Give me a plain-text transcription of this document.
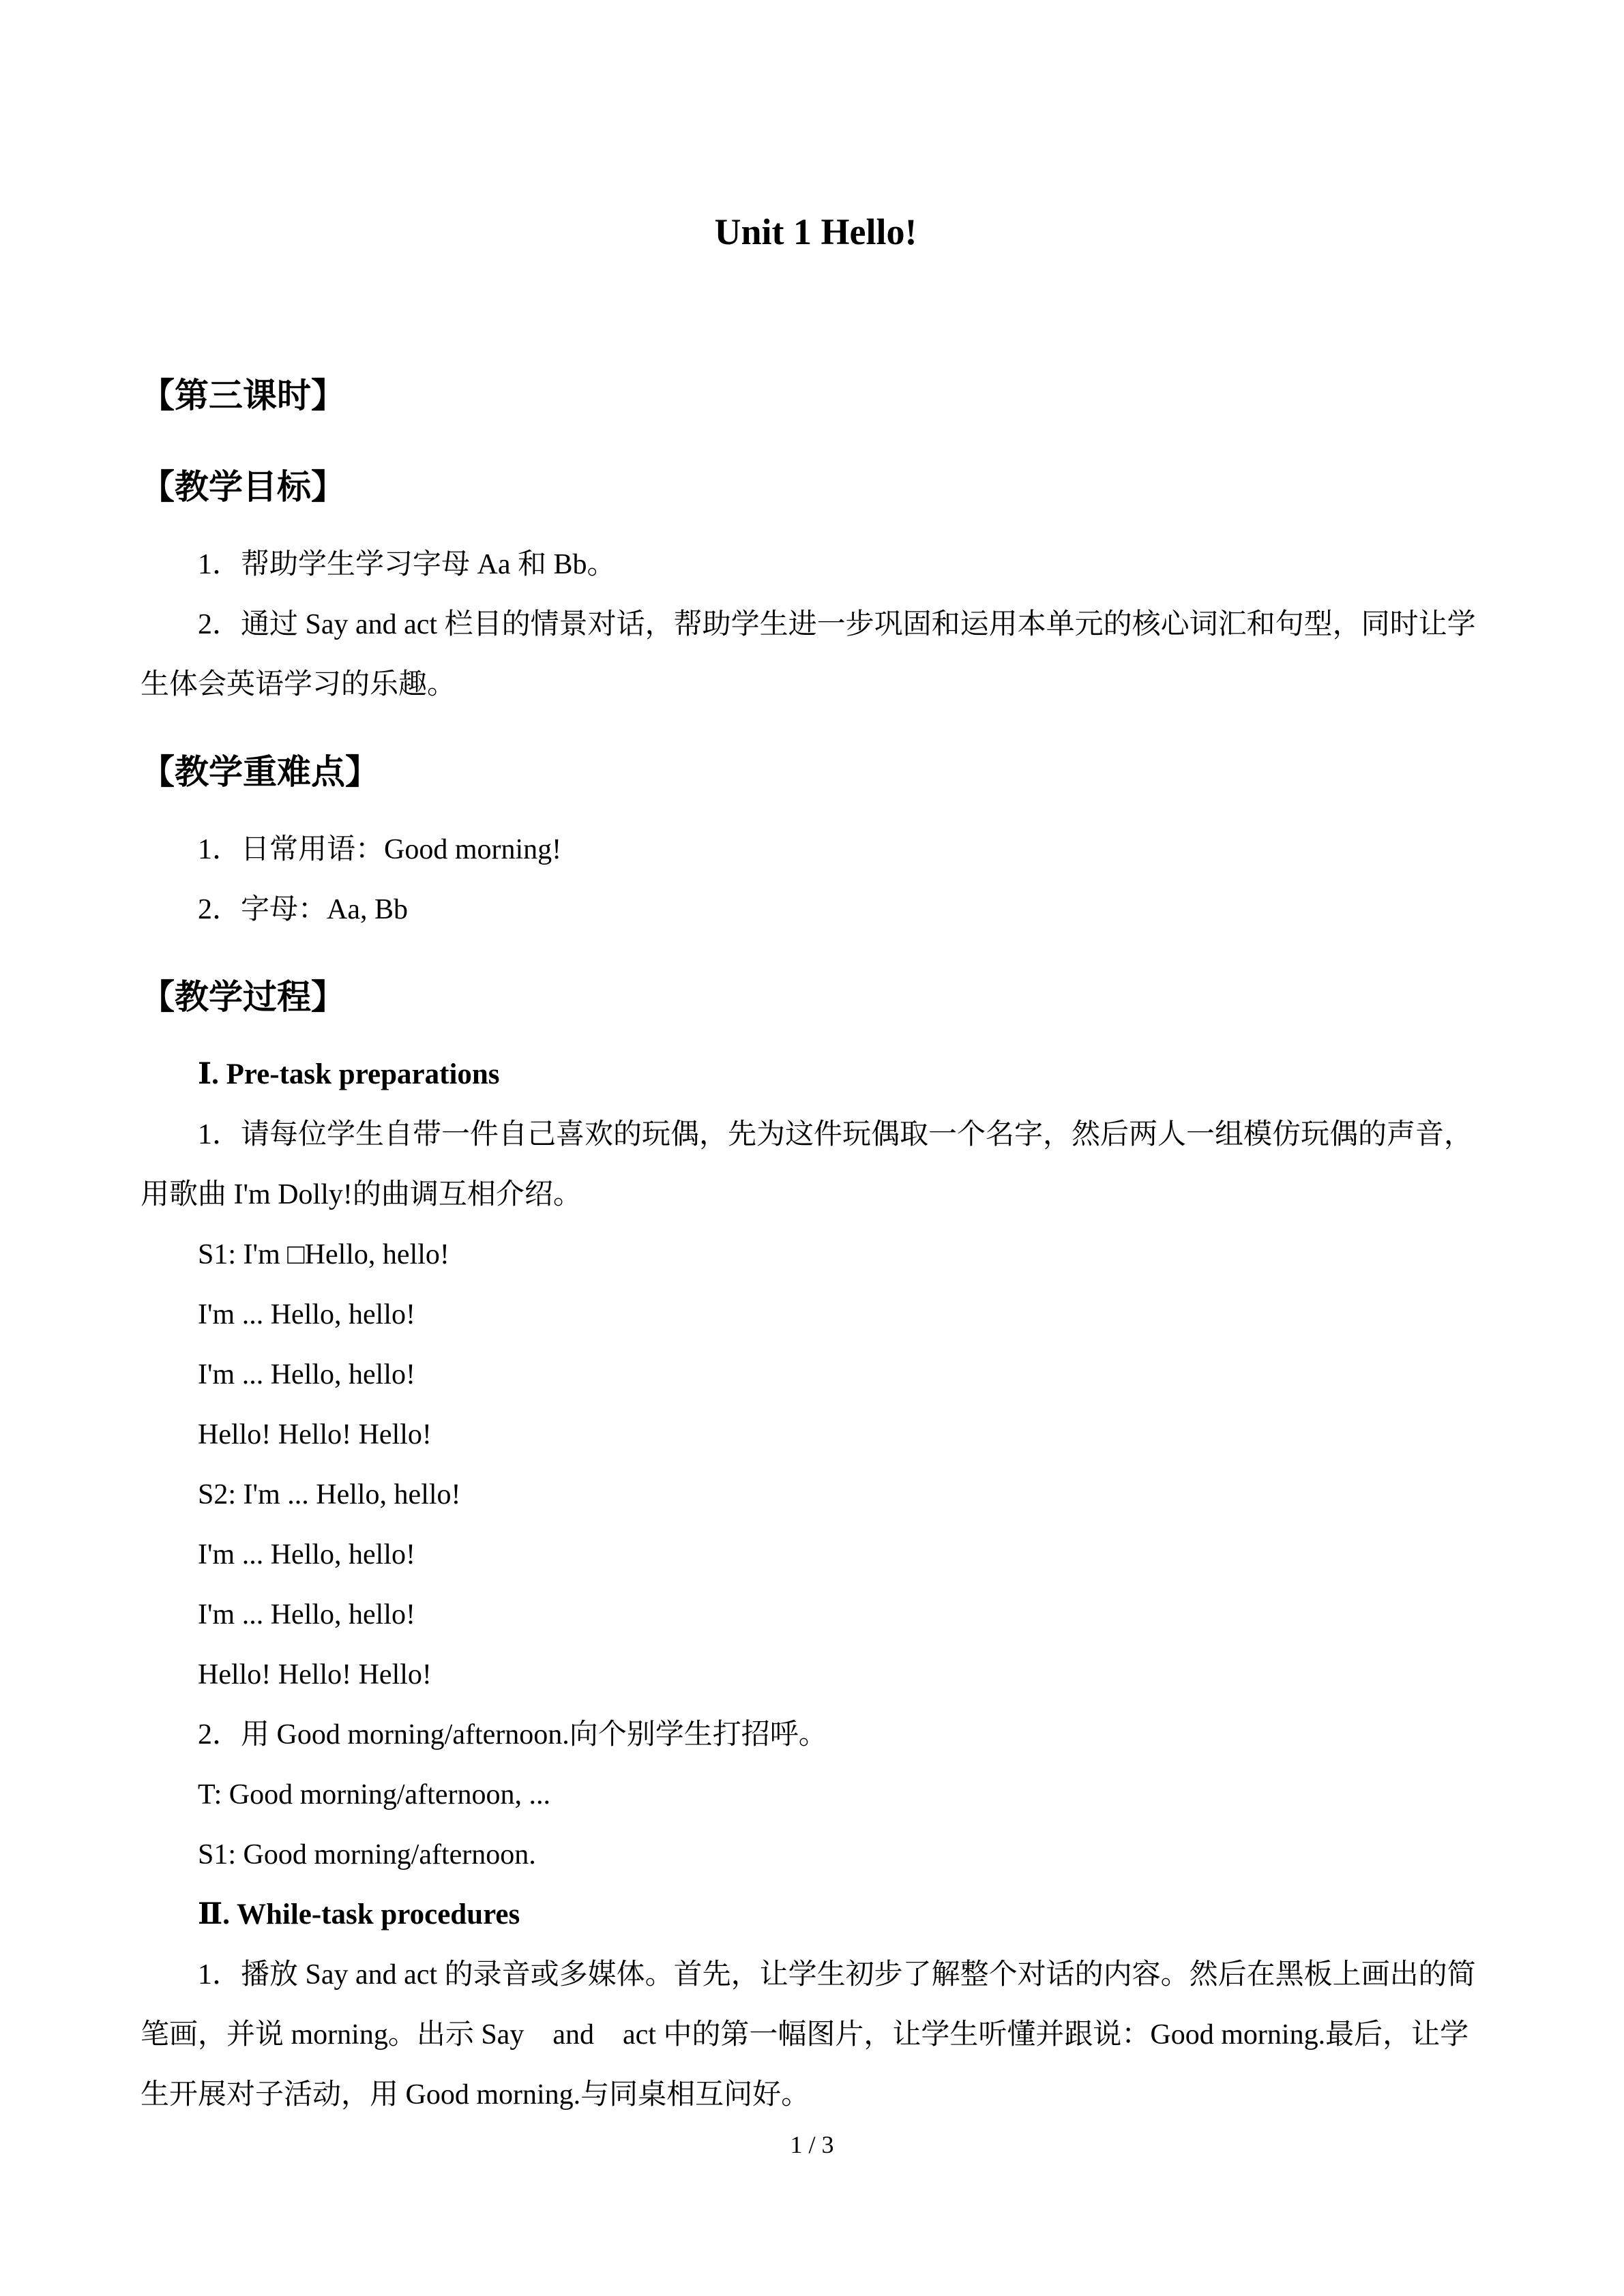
Unit 1 Hello!
【第三课时】
【教学目标】

1．帮助学生学习字母 Aa 和 Bb。

2．通过 Say and act 栏目的情景对话，帮助学生进一步巩固和运用本单元的核心词汇和句型，同时让学生体会英语学习的乐趣。

【教学重难点】

1．日常用语：Good morning!

2．字母：Aa, Bb

【教学过程】

Ⅰ. Pre-task preparations

1．请每位学生自带一件自己喜欢的玩偶，先为这件玩偶取一个名字，然后两人一组模仿玩偶的声音，用歌曲 I'm Dolly!的曲调互相介绍。

S1: I'm □Hello, hello!

I'm ... Hello, hello!

I'm ... Hello, hello!

Hello! Hello! Hello!

S2: I'm ... Hello, hello!

I'm ... Hello, hello!

I'm ... Hello, hello!

Hello! Hello! Hello!

2．用 Good morning/afternoon.向个别学生打招呼。

T: Good morning/afternoon, ...

S1: Good morning/afternoon.

Ⅱ. While-task procedures

1．播放 Say and act 的录音或多媒体。首先，让学生初步了解整个对话的内容。然后在黑板上画出的简笔画，并说 morning。出示 Say　and　act 中的第一幅图片，让学生听懂并跟说：Good morning.最后，让学生开展对子活动，用 Good morning.与同桌相互问好。

1 / 3
